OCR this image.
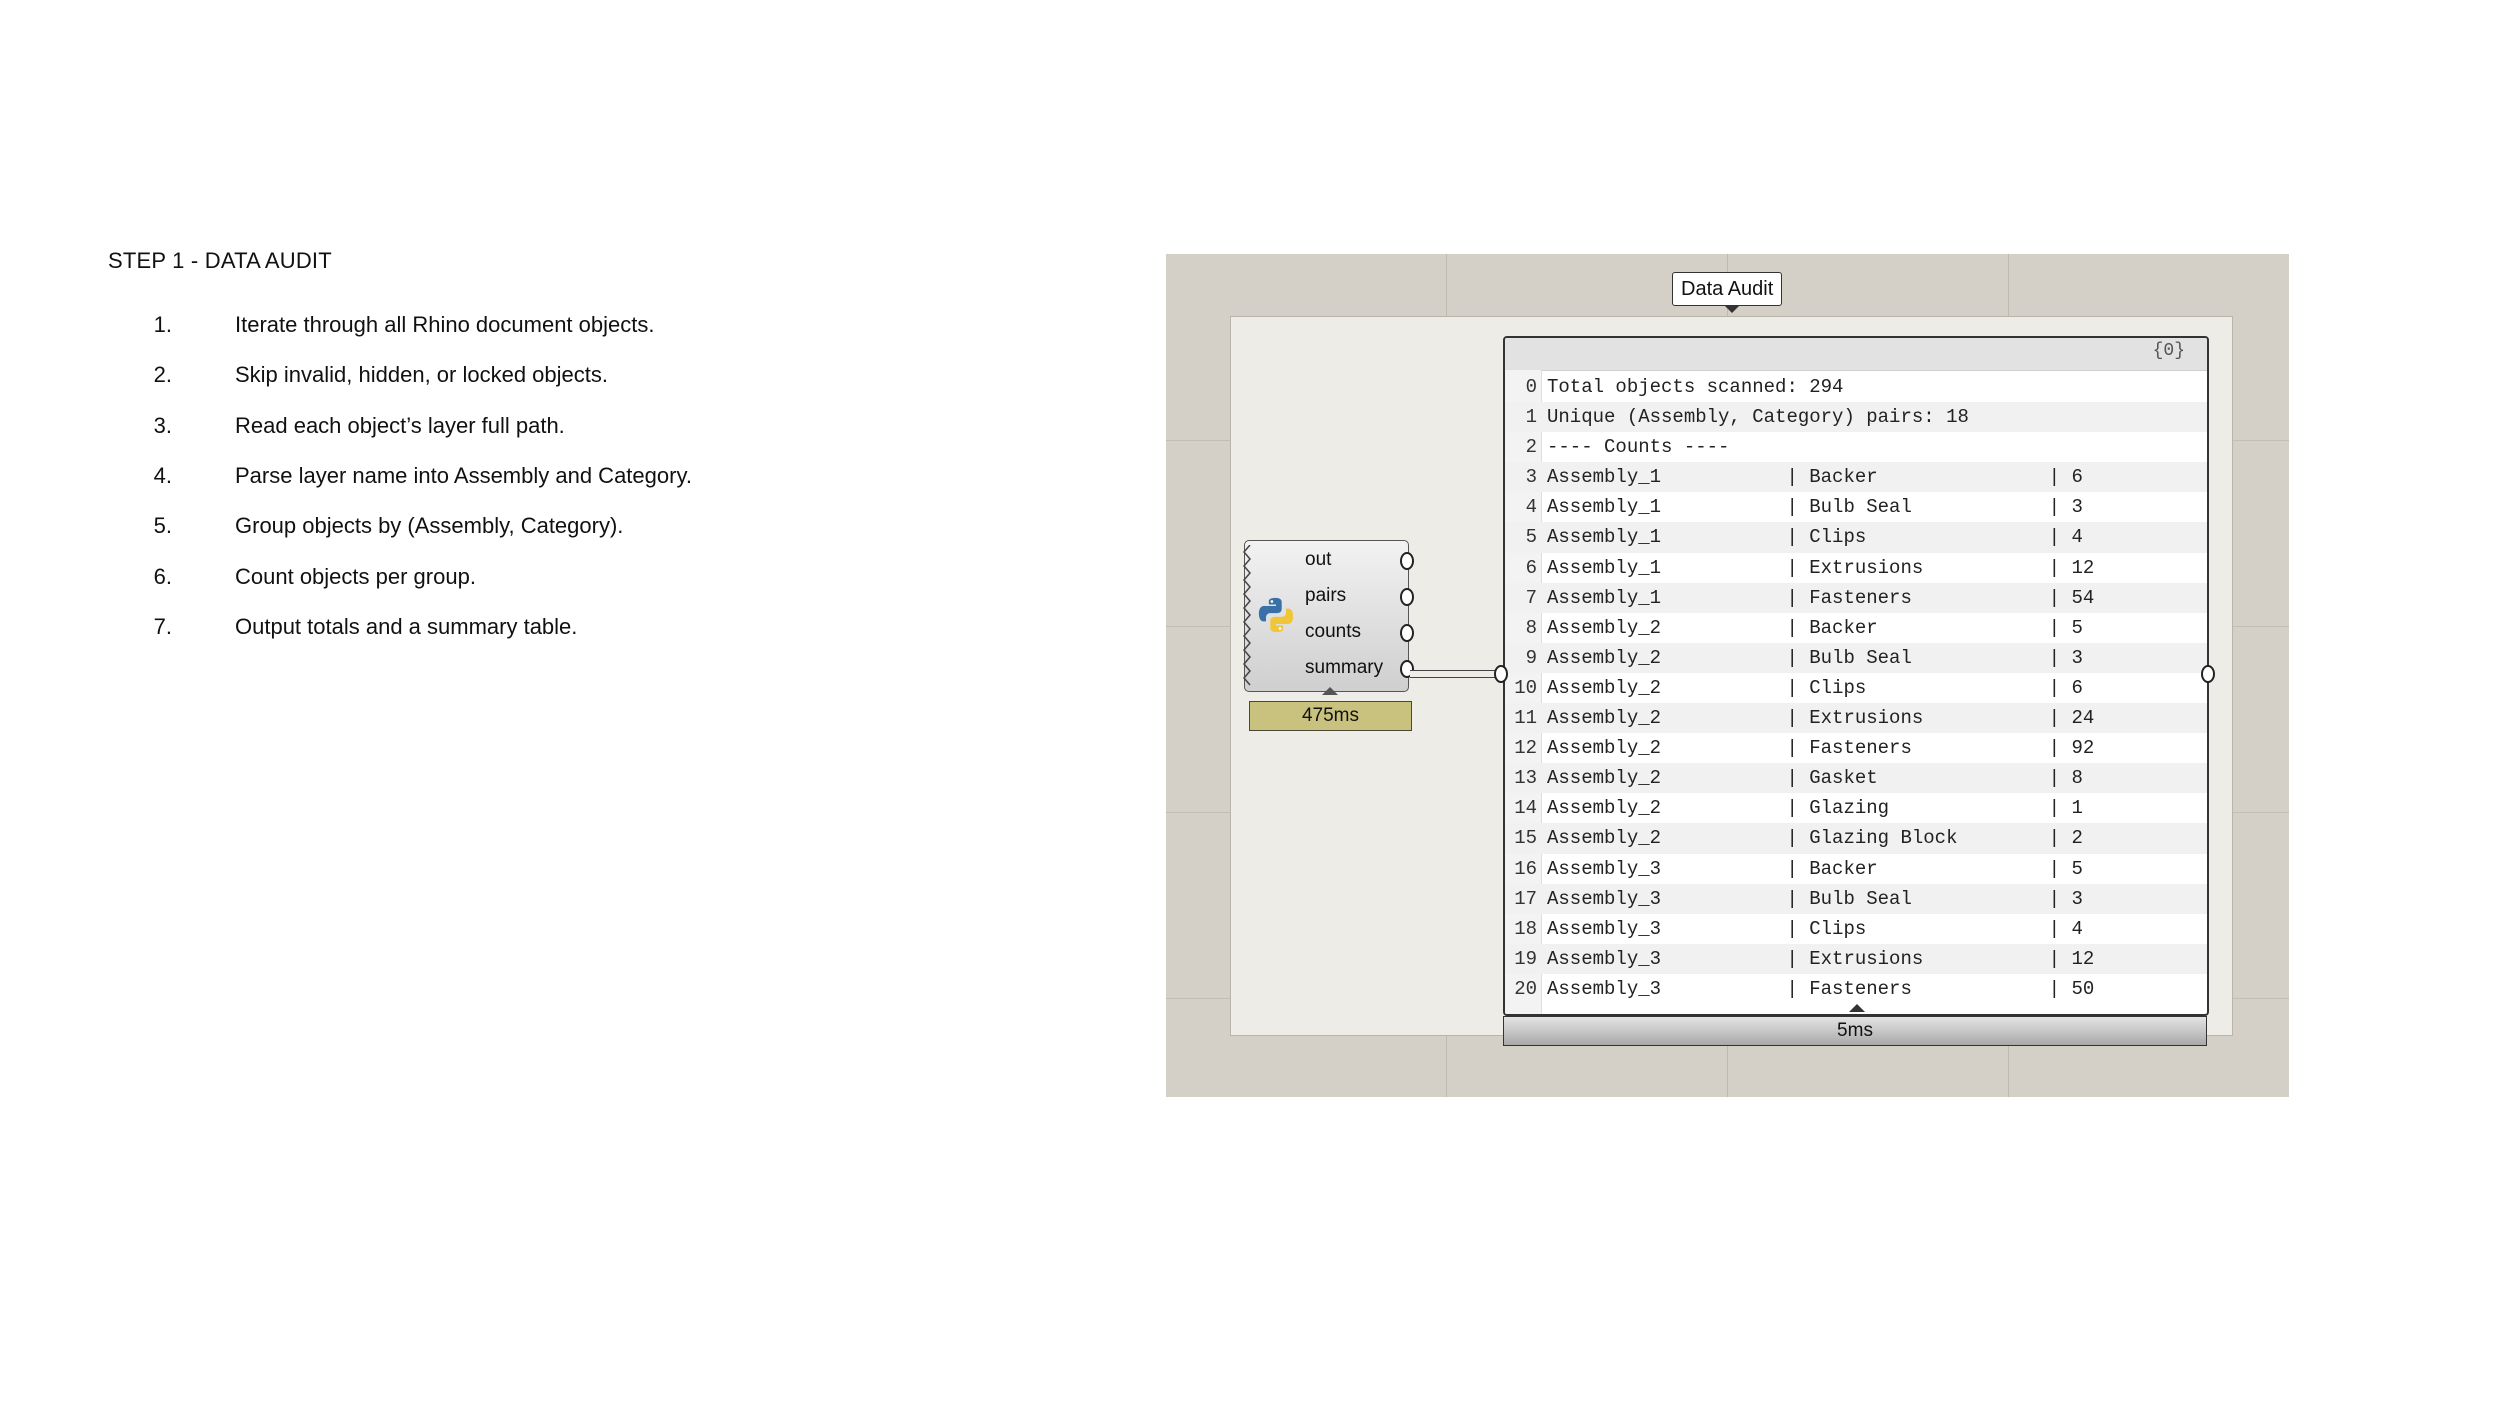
STEP 1 - DATA AUDIT
1 .	Iterate through all Rhino document objects.
2 .	Skip invalid, hidden, or locked objects.
3 .	Read each object’s layer full path.
4 .	Parse layer name into Assembly and Category.
5 .	Group objects by (Assembly, Category).
6 .	Count objects per group.
7 .	Output totals and a summary table.
Data Audit
out
pairs
counts
summary
475ms
{0}
0 Total objects scanned: 294
1 Unique (Assembly, Category) pairs: 18
2 ---- Counts ----
3 Assembly_1           | Backer               | 6
4 Assembly_1           | Bulb Seal            | 3
5 Assembly_1           | Clips                | 4
6 Assembly_1           | Extrusions           | 12
7 Assembly_1           | Fasteners            | 54
8 Assembly_2           | Backer               | 5
9 Assembly_2           | Bulb Seal            | 3
10 Assembly_2           | Clips                | 6
11 Assembly_2           | Extrusions           | 24
12 Assembly_2           | Fasteners            | 92
13 Assembly_2           | Gasket               | 8
14 Assembly_2           | Glazing              | 1
15 Assembly_2           | Glazing Block        | 2
16 Assembly_3           | Backer               | 5
17 Assembly_3           | Bulb Seal            | 3
18 Assembly_3           | Clips                | 4
19 Assembly_3           | Extrusions           | 12
20 Assembly_3           | Fasteners            | 50
5ms
